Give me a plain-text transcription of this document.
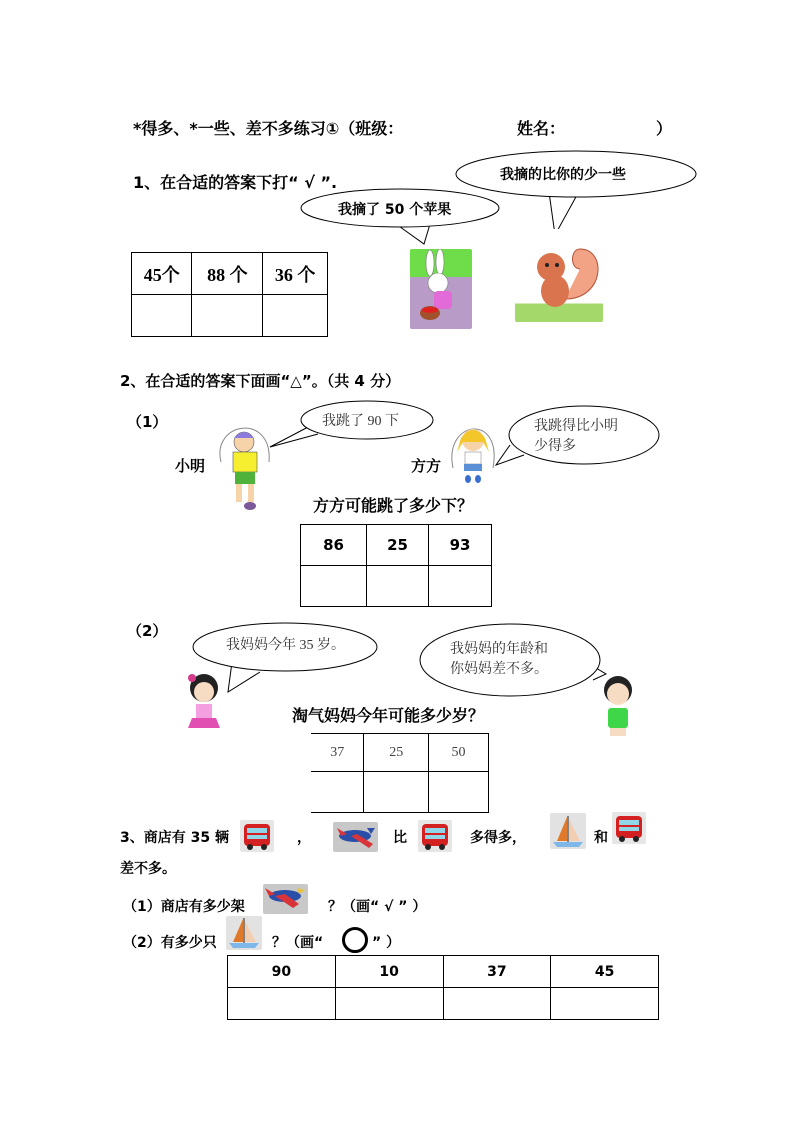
*得多、*一些、差不多练习①（班级：	姓名：	）
1、在合适的答案下打“ √ ”.	我摘的比你的少一些
我摘了 50 个苹果
45个	88 个	36 个

2、在合适的答案下面画“△”。（共 4 分）
（1）	我跳了 90 下	我跳得比小明
少得多
小明	方方
方方可能跳了多少下？
86	25	93

（2）
我妈妈今年 35 岁。	我妈妈的年龄和
你妈妈差不多。
淘气妈妈今年可能多少岁？
37	25	50

3、商店有 35 辆	，	比	多得多，	和
差不多。
（1）商店有多少架	？（画“ √ ” ）
（2）有多少只	？（画“	” ）
90	10	37	45
